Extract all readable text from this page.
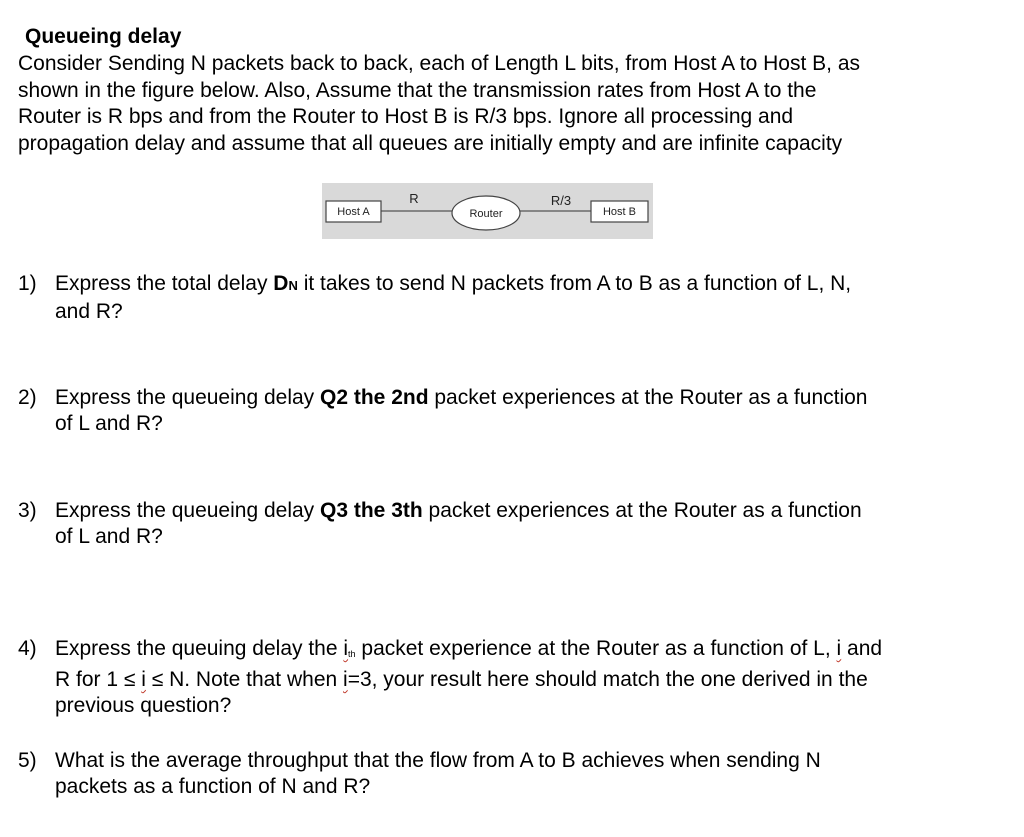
Queueing delay
Consider Sending N packets back to back, each of Length L bits, from Host A to Host B, as
shown in the figure below. Also, Assume that the transmission rates from Host A to the
Router is R bps and from the Router to Host B is R/3 bps. Ignore all processing and
propagation delay and assume that all queues are initially empty and are infinite capacity
Host A	Router	Host B
R	R/3
1) Express the total delay DN it takes to send N packets from A to B as a function of L, N,
and R?
2) Express the queueing delay Q2 the 2nd packet experiences at the Router as a function
of L and R?
3) Express the queueing delay Q3 the 3th packet experiences at the Router as a function
of L and R?
4) Express the queuing delay the ith packet experience at the Router as a function of L, i and
R for 1 ≤ i ≤ N. Note that when i=3, your result here should match the one derived in the
previous question?
5) What is the average throughput that the flow from A to B achieves when sending N
packets as a function of N and R?
